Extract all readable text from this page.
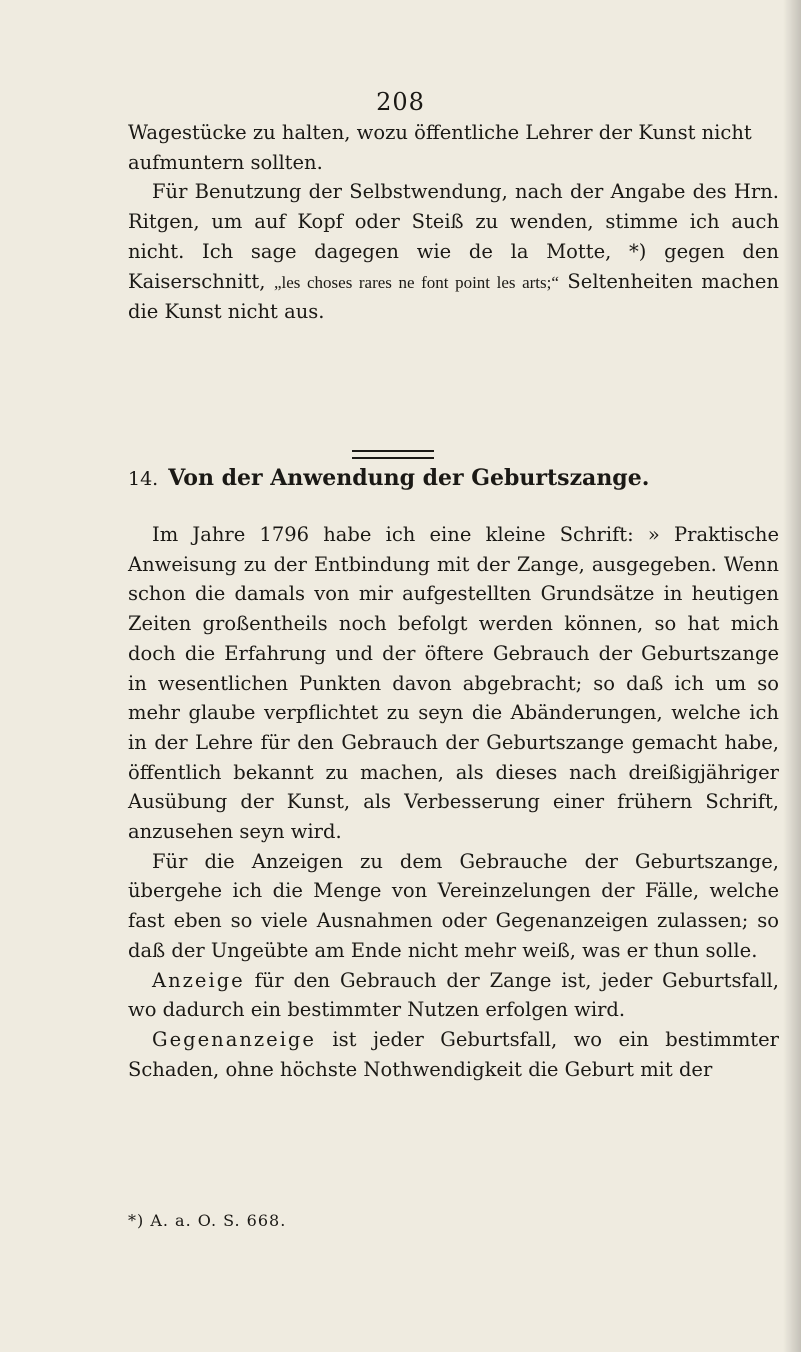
208

Wagestücke zu halten, wozu öffentliche Lehrer der Kunst nicht aufmuntern sollten.

Für Benutzung der Selbstwendung, nach der Angabe des Hrn. Ritgen, um auf Kopf oder Steiß zu wenden, stimme ich auch nicht. Ich sage dagegen wie de la Motte, *) gegen den Kaiserschnitt, „les choses rares ne font point les arts;“ Seltenheiten machen die Kunst nicht aus.

14. Von der Anwendung der Geburtszange.

Im Jahre 1796 habe ich eine kleine Schrift: » Praktische Anweisung zu der Entbindung mit der Zange, ausgegeben. Wenn schon die damals von mir aufgestellten Grundsätze in heutigen Zeiten großentheils noch befolgt werden können, so hat mich doch die Erfahrung und der öftere Gebrauch der Geburtszange in wesentlichen Punkten davon abgebracht; so daß ich um so mehr glaube verpflichtet zu seyn die Abänderungen, welche ich in der Lehre für den Gebrauch der Geburtszange gemacht habe, öffentlich bekannt zu machen, als dieses nach dreißigjähriger Ausübung der Kunst, als Verbesserung einer frühern Schrift, anzusehen seyn wird.

Für die Anzeigen zu dem Gebrauche der Geburtszange, übergehe ich die Menge von Vereinzelungen der Fälle, welche fast eben so viele Ausnahmen oder Gegenanzeigen zulassen; so daß der Ungeübte am Ende nicht mehr weiß, was er thun solle.

Anzeige für den Gebrauch der Zange ist, jeder Geburtsfall, wo dadurch ein bestimmter Nutzen erfolgen wird.

Gegenanzeige ist jeder Geburtsfall, wo ein bestimmter Schaden, ohne höchste Nothwendigkeit die Geburt mit der

*) A. a. O. S. 668.
